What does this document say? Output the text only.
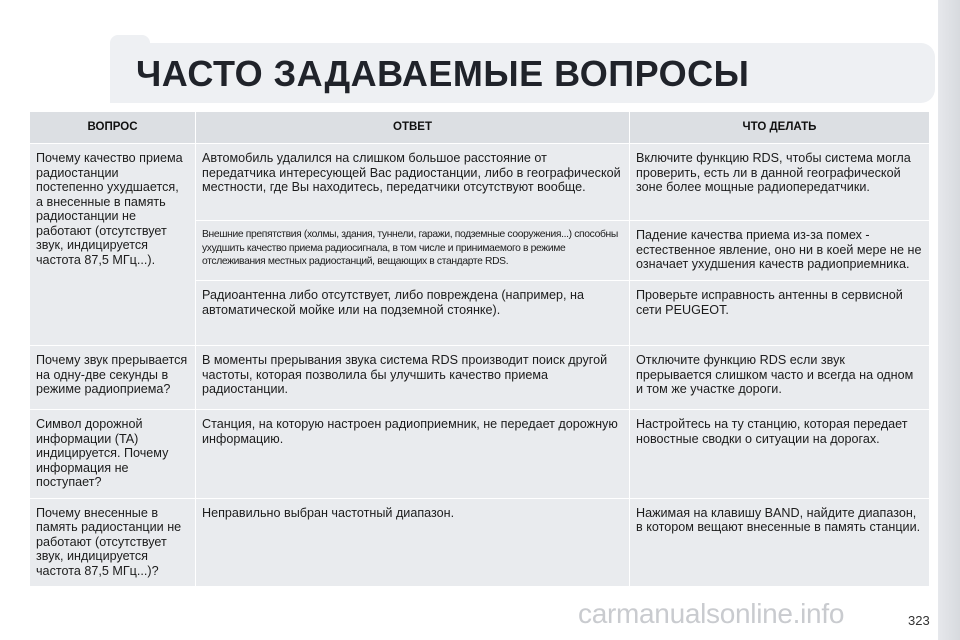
ЧАСТО ЗАДАВАЕМЫЕ ВОПРОСЫ
ВОПРОС	ОТВЕТ	ЧТО ДЕЛАТЬ
Почему качество приема радиостанции постепенно ухудшается, а внесенные в память радиостанции не работают (отсутствует звук, индицируется частота 87,5 МГц...).	Автомобиль удалился на слишком большое расстояние от передатчика интересующей Вас радиостанции, либо в географической местности, где Вы находитесь, передатчики отсутствуют вообще.	Включите функцию RDS, чтобы система могла проверить, есть ли в данной географической зоне более мощные радиопередатчики.
	Внешние препятствия (холмы, здания, туннели, гаражи, подземные сооружения...) способны ухудшить качество приема радиосигнала, в том числе и принимаемого в режиме отслеживания местных радиостанций, вещающих в стандарте RDS.	Падение качества приема из-за помех - естественное явление, оно ни в коей мере не не означает ухудшения качеств радиоприемника.
	Радиоантенна либо отсутствует, либо повреждена (например, на автоматической мойке или на подземной стоянке).	Проверьте исправность антенны в сервисной сети PEUGEOT.
Почему звук прерывается на одну-две секунды в режиме радиоприема?	В моменты прерывания звука система RDS производит поиск другой частоты, которая позволила бы улучшить качество приема радиостанции.	Отключите функцию RDS если звук прерывается слишком часто и всегда на одном и том же участке дороги.
Символ дорожной информации (TA) индицируется. Почему информация не поступает?	Станция, на которую настроен радиоприемник, не передает дорожную информацию.	Настройтесь на ту станцию, которая передает новостные сводки о ситуации на дорогах.
Почему внесенные в память радиостанции не работают (отсутствует звук, индицируется частота 87,5 МГц...)?	Неправильно выбран частотный диапазон.	Нажимая на клавишу BAND, найдите диапазон, в котором вещают внесенные в память станции.
carmanualsonline.info	323
